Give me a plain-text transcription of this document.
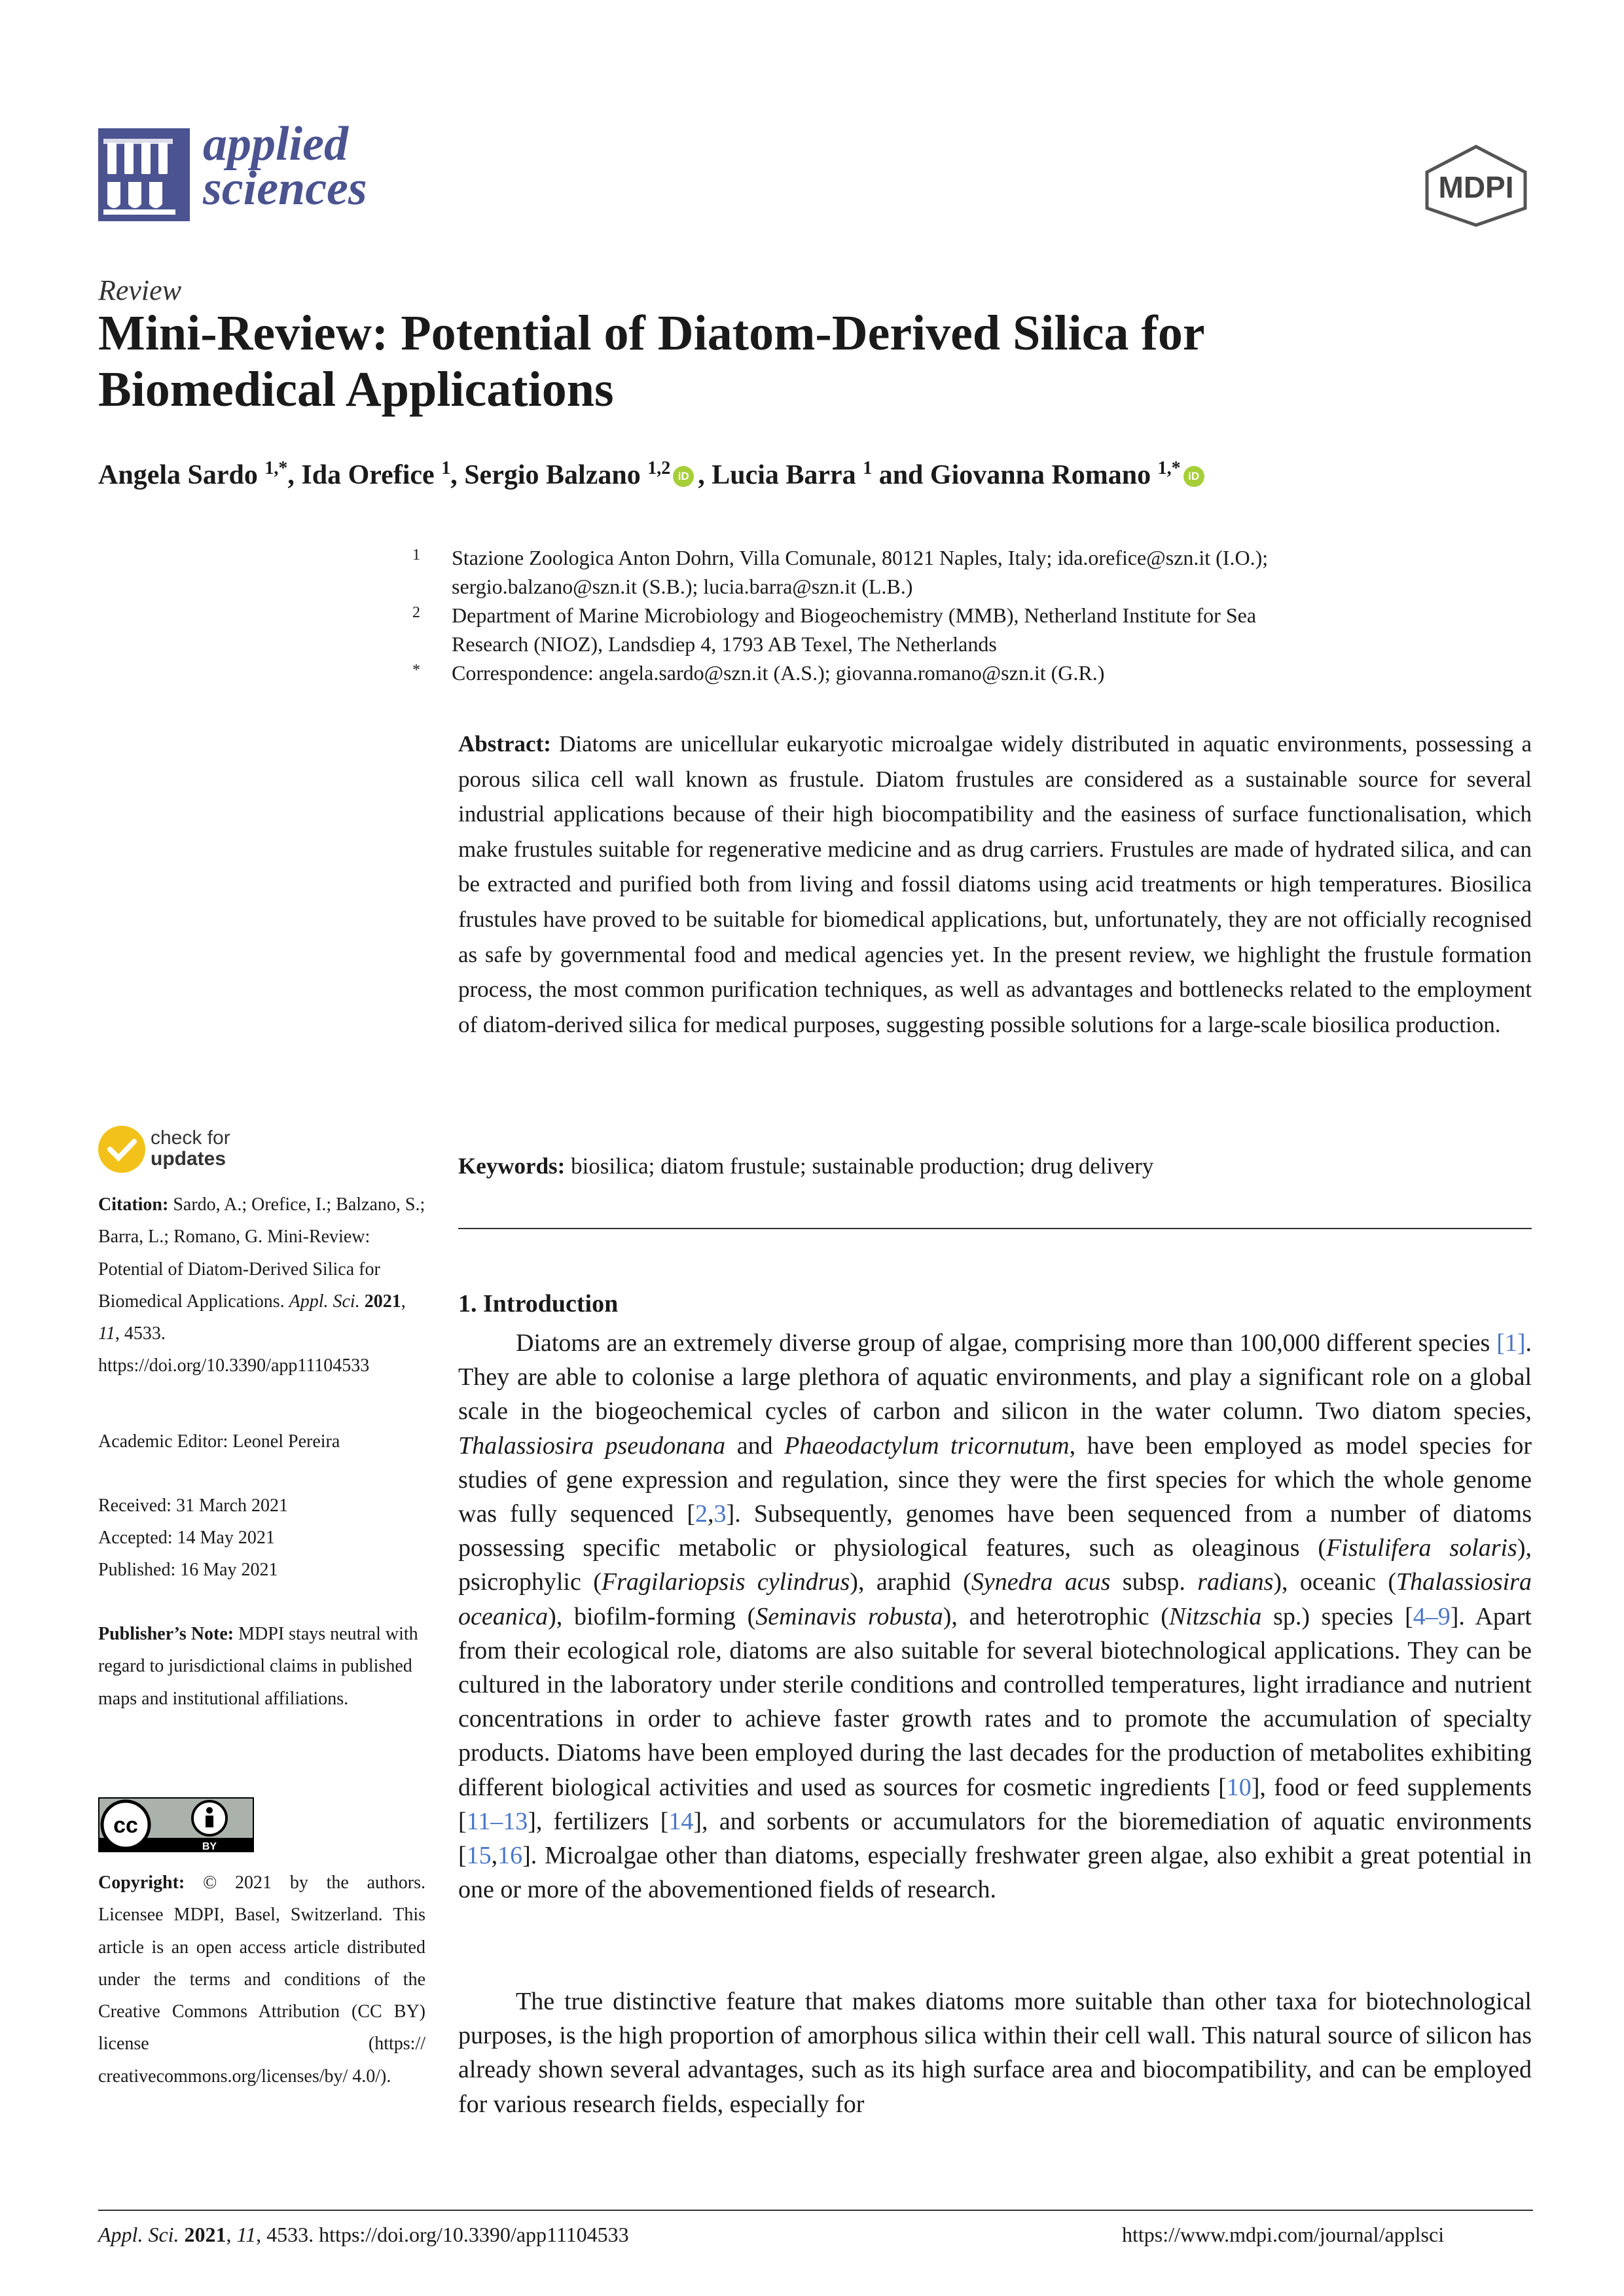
applied
sciences	MDPI
Review
Mini-Review: Potential of Diatom-Derived Silica for
Biomedical Applications
Angela Sardo $^{1,*}$, Ida Orefice $^1$, Sergio Balzano $^{1,2}$ iD , Lucia Barra $^1$ and Giovanna Romano $^{1,*}$ iD
1 Stazione Zoologica Anton Dohrn, Villa Comunale, 80121 Naples, Italy; ida.orefice@szn.it (I.O.);
sergio.balzano@szn.it (S.B.); lucia.barra@szn.it (L.B.)
2 Department of Marine Microbiology and Biogeochemistry (MMB), Netherland Institute for Sea
Research (NIOZ), Landsdiep 4, 1793 AB Texel, The Netherlands
* Correspondence: angela.sardo@szn.it (A.S.); giovanna.romano@szn.it (G.R.)
Abstract: Diatoms are unicellular eukaryotic microalgae widely distributed in aquatic environments, possessing a porous silica cell wall known as frustule. Diatom frustules are considered as a sustainable source for several industrial applications because of their high biocompatibility and the easiness of surface functionalisation, which make frustules suitable for regenerative medicine and as drug carriers. Frustules are made of hydrated silica, and can be extracted and purified both from living and fossil diatoms using acid treatments or high temperatures. Biosilica frustules have proved to be suitable for biomedical applications, but, unfortunately, they are not officially recognised as safe by governmental food and medical agencies yet. In the present review, we highlight the frustule formation process, the most common purification techniques, as well as advantages and bottlenecks related to the employment of diatom-derived silica for medical purposes, suggesting possible solutions for a large-scale biosilica production.
Keywords: biosilica; diatom frustule; sustainable production; drug delivery
1. Introduction
Diatoms are an extremely diverse group of algae, comprising more than 100,000 different species [1]. They are able to colonise a large plethora of aquatic environments, and play a significant role on a global scale in the biogeochemical cycles of carbon and silicon in the water column. Two diatom species, Thalassiosira pseudonana and Phaeodactylum tricornutum, have been employed as model species for studies of gene expression and regulation, since they were the first species for which the whole genome was fully sequenced [2,3]. Subsequently, genomes have been sequenced from a number of diatoms possessing specific metabolic or physiological features, such as oleaginous (Fistulifera solaris), psicrophylic (Fragilariopsis cylindrus), araphid (Synedra acus subsp. radians), oceanic (Thalassiosira oceanica), biofilm-forming (Seminavis robusta), and heterotrophic (Nitzschia sp.) species [4–9]. Apart from their ecological role, diatoms are also suitable for several biotechnological applications. They can be cultured in the laboratory under sterile conditions and controlled temperatures, light irradiance and nutrient concentrations in order to achieve faster growth rates and to promote the accumulation of specialty products. Diatoms have been employed during the last decades for the production of metabolites exhibiting different biological activities and used as sources for cosmetic ingredients [10], food or feed supplements [11–13], fertilizers [14], and sorbents or accumulators for the bioremediation of aquatic environments [15,16]. Microalgae other than diatoms, especially freshwater green algae, also exhibit a great potential in one or more of the abovementioned fields of research.
The true distinctive feature that makes diatoms more suitable than other taxa for biotechnological purposes, is the high proportion of amorphous silica within their cell wall. This natural source of silicon has already shown several advantages, such as its high surface area and biocompatibility, and can be employed for various research fields, especially for
check for
updates
Citation: Sardo, A.; Orefice, I.; Balzano, S.; Barra, L.; Romano, G. Mini-Review: Potential of Diatom-Derived Silica for Biomedical Applications. Appl. Sci. 2021, 11, 4533. https://doi.org/10.3390/app11104533
Academic Editor: Leonel Pereira
Received: 31 March 2021
Accepted: 14 May 2021
Published: 16 May 2021
Publisher’s Note: MDPI stays neutral with regard to jurisdictional claims in published maps and institutional affiliations.
cc
BY
Copyright: © 2021 by the authors. Licensee MDPI, Basel, Switzerland. This article is an open access article distributed under the terms and conditions of the Creative Commons Attribution (CC BY) license (https:// creativecommons.org/licenses/by/ 4.0/).
Appl. Sci. 2021, 11, 4533. https://doi.org/10.3390/app11104533	https://www.mdpi.com/journal/applsci
